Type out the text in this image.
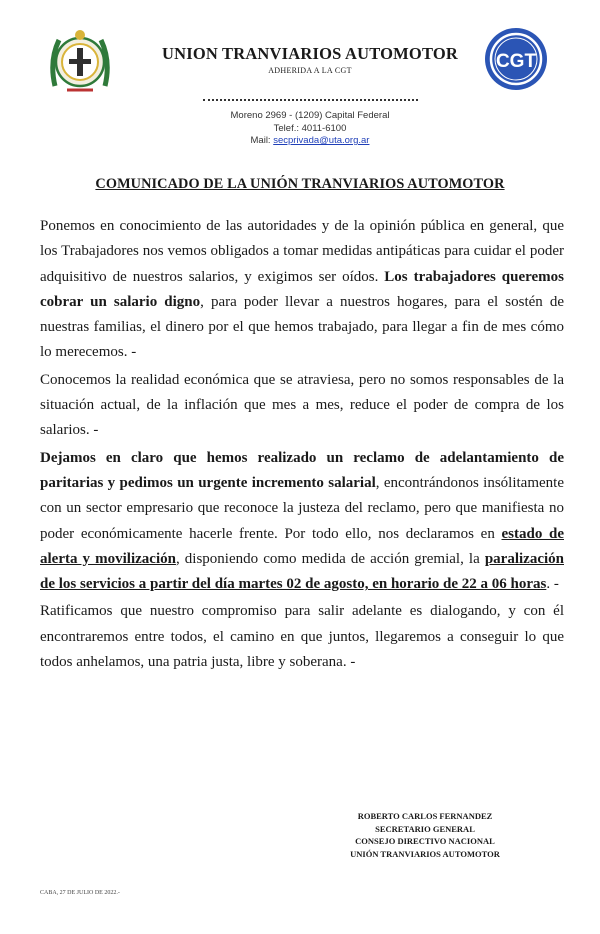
UNION TRANVIARIOS AUTOMOTOR
ADHERIDA A LA CGT	CGT
Moreno 2969 - (1209) Capital Federal
Telef.: 4011-6100
Mail: secprivada@uta.org.ar
COMUNICADO DE LA UNIÓN TRANVIARIOS AUTOMOTOR

Ponemos en conocimiento de las autoridades y de la opinión pública en general, que los Trabajadores nos vemos obligados a tomar medidas antipáticas para cuidar el poder adquisitivo de nuestros salarios, y exigimos ser oídos. Los trabajadores queremos cobrar un salario digno, para poder llevar a nuestros hogares, para el sostén de nuestras familias, el dinero por el que hemos trabajado, para llegar a fin de mes cómo lo merecemos. -

Conocemos la realidad económica que se atraviesa, pero no somos responsables de la situación actual, de la inflación que mes a mes, reduce el poder de compra de los salarios. -

Dejamos en claro que hemos realizado un reclamo de adelantamiento de paritarias y pedimos un urgente incremento salarial, encontrándonos insólitamente con un sector empresario que reconoce la justeza del reclamo, pero que manifiesta no poder económicamente hacerle frente. Por todo ello, nos declaramos en estado de alerta y movilización, disponiendo como medida de acción gremial, la paralización de los servicios a partir del día martes 02 de agosto, en horario de 22 a 06 horas. -

Ratificamos que nuestro compromiso para salir adelante es dialogando, y con él encontraremos entre todos, el camino en que juntos, llegaremos a conseguir lo que todos anhelamos, una patria justa, libre y soberana. -

ROBERTO CARLOS FERNANDEZ
SECRETARIO GENERAL
CONSEJO DIRECTIVO NACIONAL
UNIÓN TRANVIARIOS AUTOMOTOR
CABA, 27 DE JULIO DE 2022.-
